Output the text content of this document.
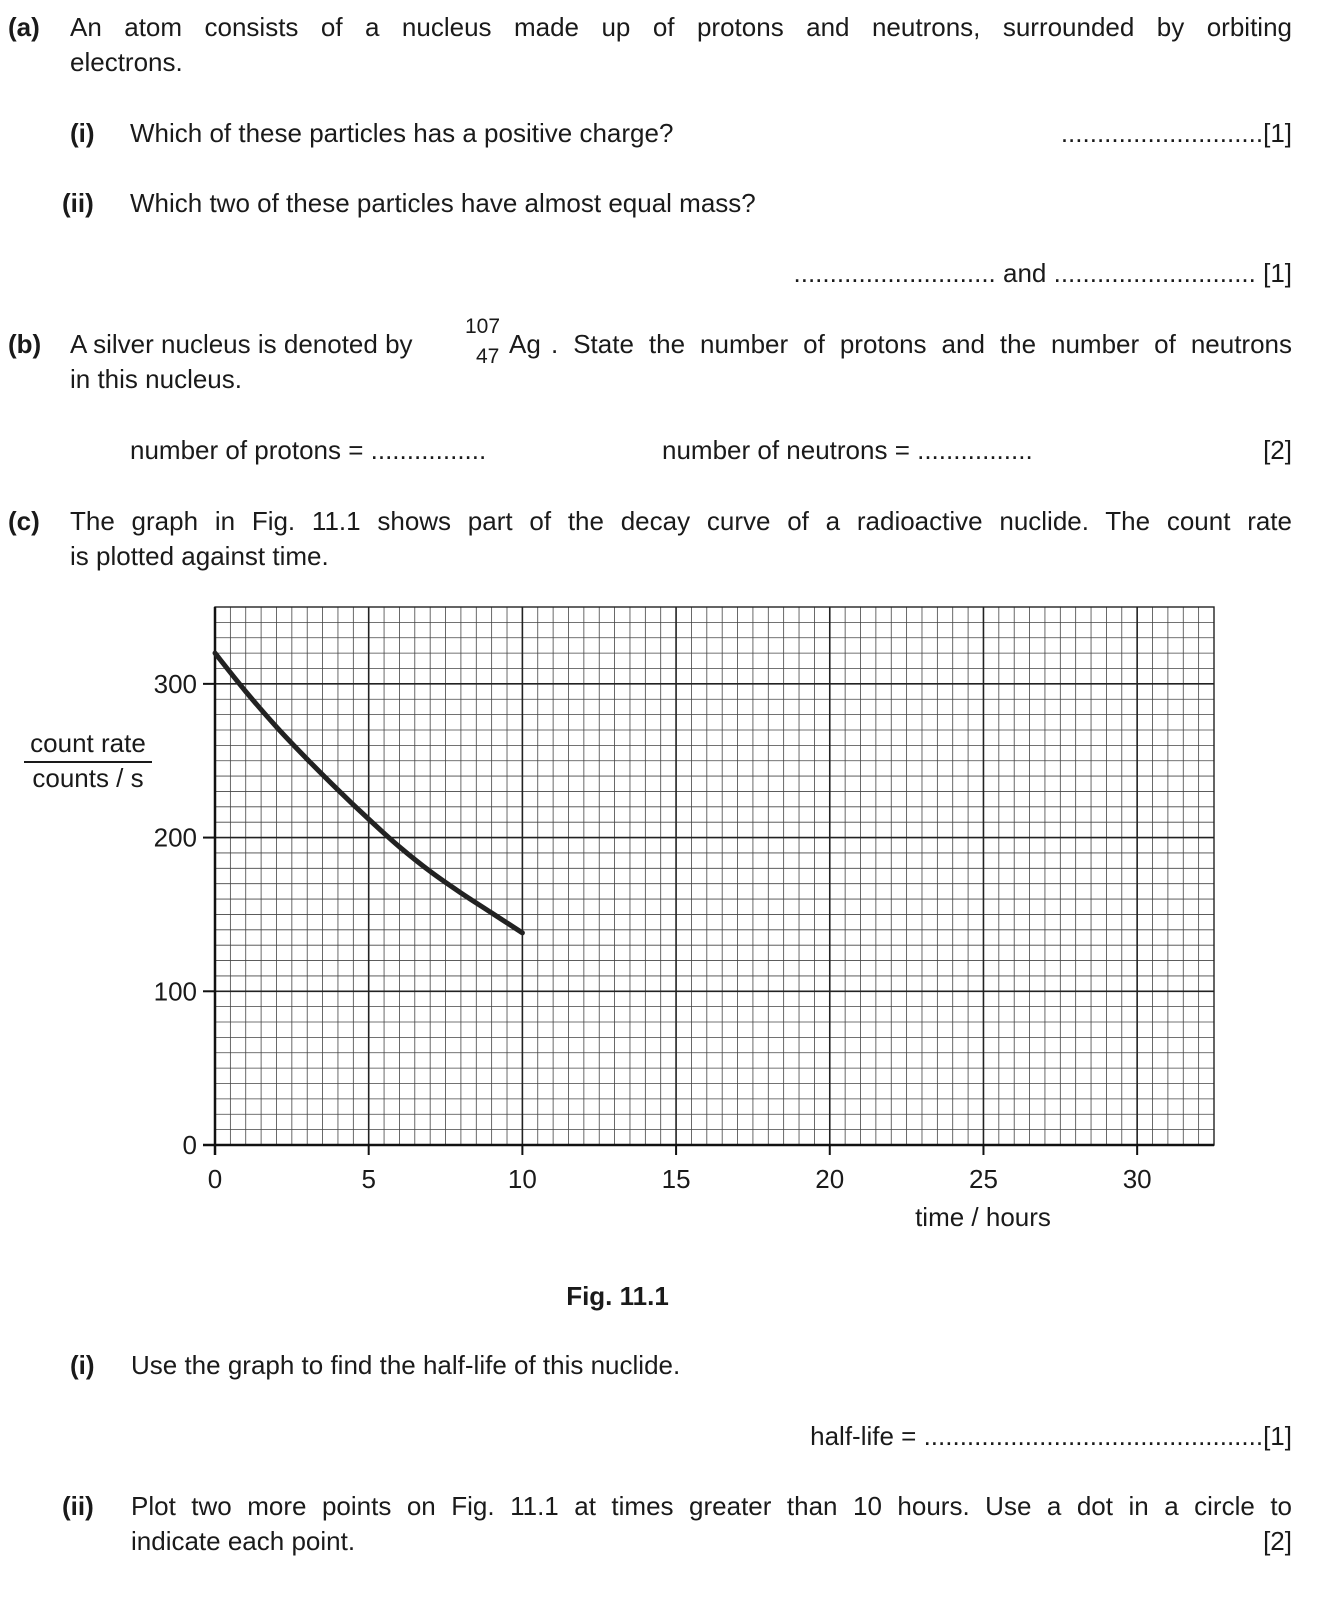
(a) An atom consists of a nucleus made up of protons and neutrons, surrounded by orbiting
electrons.
(i) Which of these particles has a positive charge?	............................[1]
(ii) Which two of these particles have almost equal mass?
............................ and ............................ [1]
(b) A silver nucleus is denoted by
107
47 Ag . State the number of protons and the number of neutrons
in this nucleus.
number of protons = ................	number of neutrons = ................	[2]
(c) The graph in Fig. 11.1 shows part of the decay curve of a radioactive nuclide. The count rate
is plotted against time.
0	5	10	15	20	25	30
0
100
200
300
count rate
counts / s
time / hours
Fig. 11.1
(i) Use the graph to find the half-life of this nuclide.
half-life = ...............................................[1]
(ii) Plot two more points on Fig. 11.1 at times greater than 10 hours. Use a dot in a circle to
indicate each point.	[2]
